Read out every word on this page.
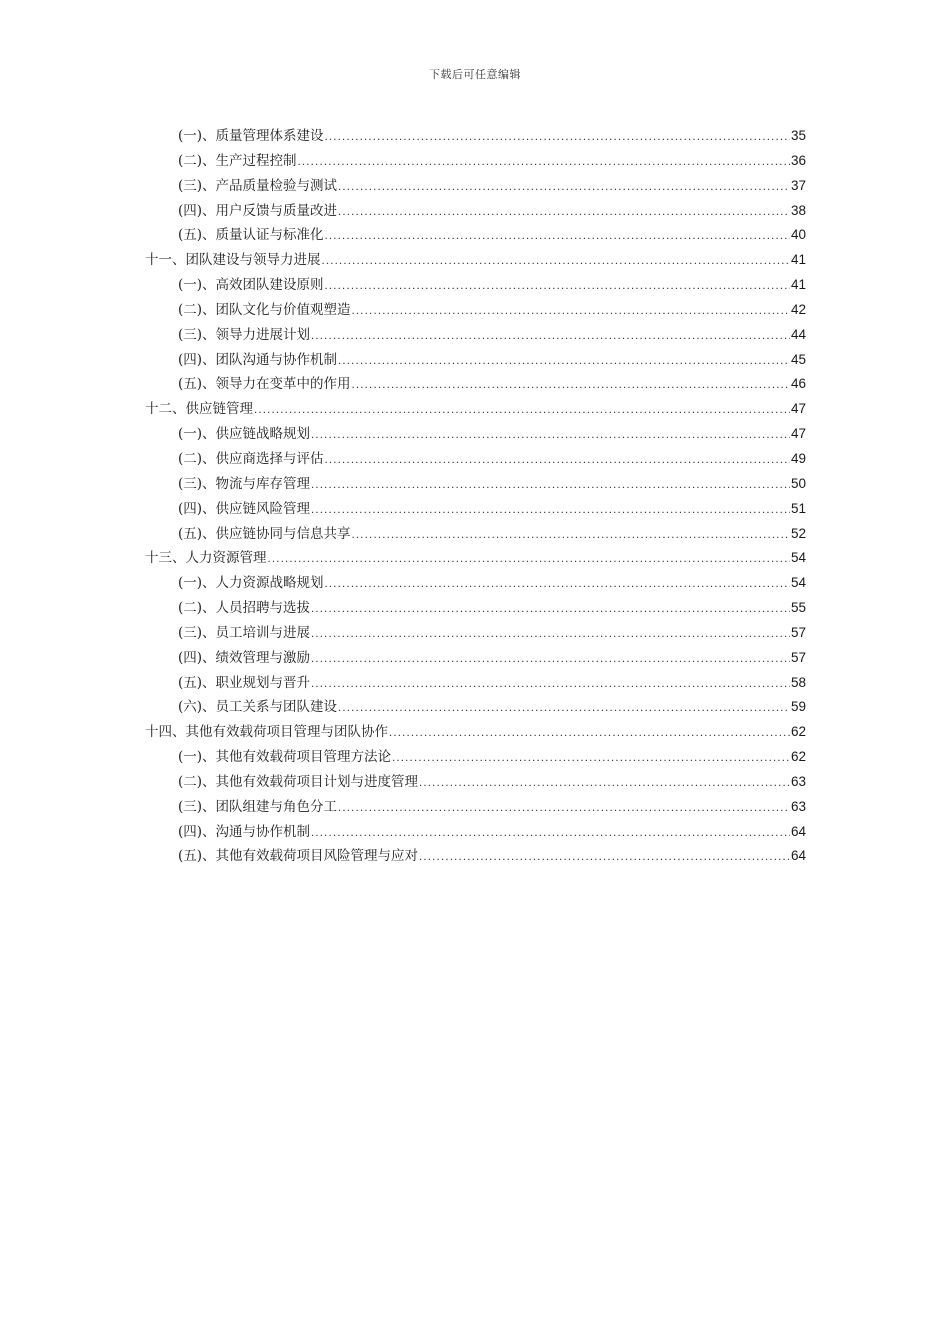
下载后可任意编辑
(一)、质量管理体系建设 .....	35
(二)、生产过程控制 .....	36
(三)、产品质量检验与测试 .....	37
(四)、用户反馈与质量改进 .....	38
(五)、质量认证与标准化 .....	40
十一、团队建设与领导力进展 .....	41
(一)、高效团队建设原则 .....	41
(二)、团队文化与价值观塑造 .....	42
(三)、领导力进展计划 .....	44
(四)、团队沟通与协作机制 .....	45
(五)、领导力在变革中的作用 .....	46
十二、供应链管理 .....	47
(一)、供应链战略规划 .....	47
(二)、供应商选择与评估 .....	49
(三)、物流与库存管理 .....	50
(四)、供应链风险管理 .....	51
(五)、供应链协同与信息共享 .....	52
十三、人力资源管理 .....	54
(一)、人力资源战略规划 .....	54
(二)、人员招聘与选拔 .....	55
(三)、员工培训与进展 .....	57
(四)、绩效管理与激励 .....	57
(五)、职业规划与晋升 .....	58
(六)、员工关系与团队建设 .....	59
十四、其他有效载荷项目管理与团队协作 .....	62
(一)、其他有效载荷项目管理方法论 .....	62
(二)、其他有效载荷项目计划与进度管理 .....	63
(三)、团队组建与角色分工 .....	63
(四)、沟通与协作机制 .....	64
(五)、其他有效载荷项目风险管理与应对 .....	64
